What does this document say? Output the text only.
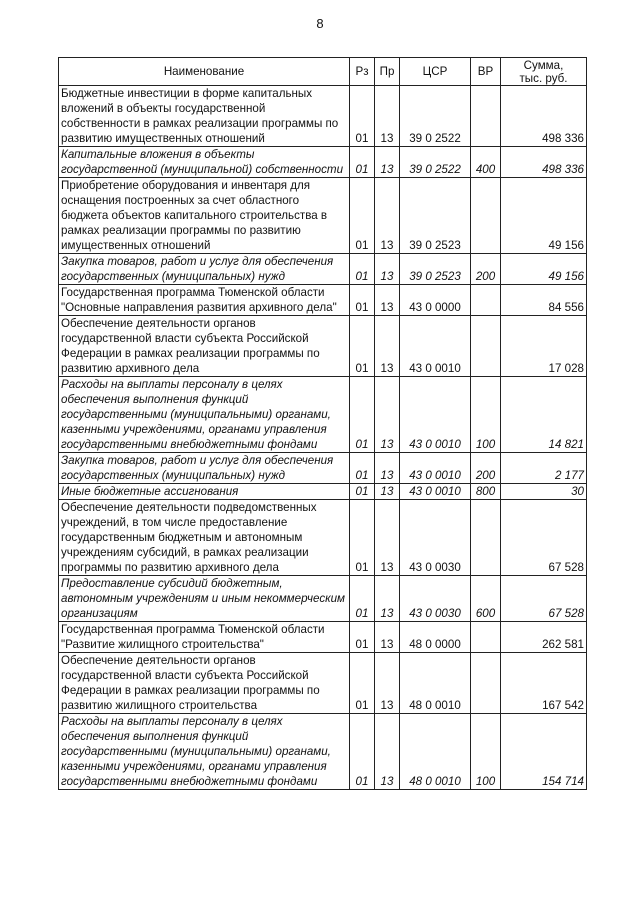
8
Наименование	Рз	Пр	ЦСР	ВР	Сумма,
тыс. руб.

Бюджетные инвестиции в форме капитальных вложений в объекты государственной собственности в рамках реализации программы по развитию имущественных отношений	01	13	39 0 2522		498 336
Капитальные вложения в объекты государственной (муниципальной) собственности	01	13	39 0 2522	400	498 336
Приобретение оборудования и инвентаря для оснащения построенных за счет областного бюджета объектов капитального строительства в рамках реализации программы по развитию имущественных отношений	01	13	39 0 2523		49 156
Закупка товаров, работ и услуг для обеспечения государственных (муниципальных) нужд	01	13	39 0 2523	200	49 156
Государственная программа Тюменской области "Основные направления развития архивного дела"	01	13	43 0 0000		84 556
Обеспечение деятельности органов государственной власти субъекта Российской Федерации в рамках реализации программы по развитию архивного дела	01	13	43 0 0010		17 028
Расходы на выплаты персоналу в целях обеспечения выполнения функций государственными (муниципальными) органами, казенными учреждениями, органами управления государственными внебюджетными фондами	01	13	43 0 0010	100	14 821
Закупка товаров, работ и услуг для обеспечения государственных (муниципальных) нужд	01	13	43 0 0010	200	2 177
Иные бюджетные ассигнования	01	13	43 0 0010	800	30
Обеспечение деятельности подведомственных учреждений, в том числе предоставление государственным бюджетным и автономным учреждениям субсидий, в рамках реализации программы по развитию архивного дела	01	13	43 0 0030		67 528
Предоставление субсидий бюджетным, автономным учреждениям и иным некоммерческим организациям	01	13	43 0 0030	600	67 528
Государственная программа Тюменской области "Развитие жилищного строительства"	01	13	48 0 0000		262 581
Обеспечение деятельности органов государственной власти субъекта Российской Федерации в рамках реализации программы по развитию жилищного строительства	01	13	48 0 0010		167 542
Расходы на выплаты персоналу в целях обеспечения выполнения функций государственными (муниципальными) органами, казенными учреждениями, органами управления государственными внебюджетными фондами	01	13	48 0 0010	100	154 714
